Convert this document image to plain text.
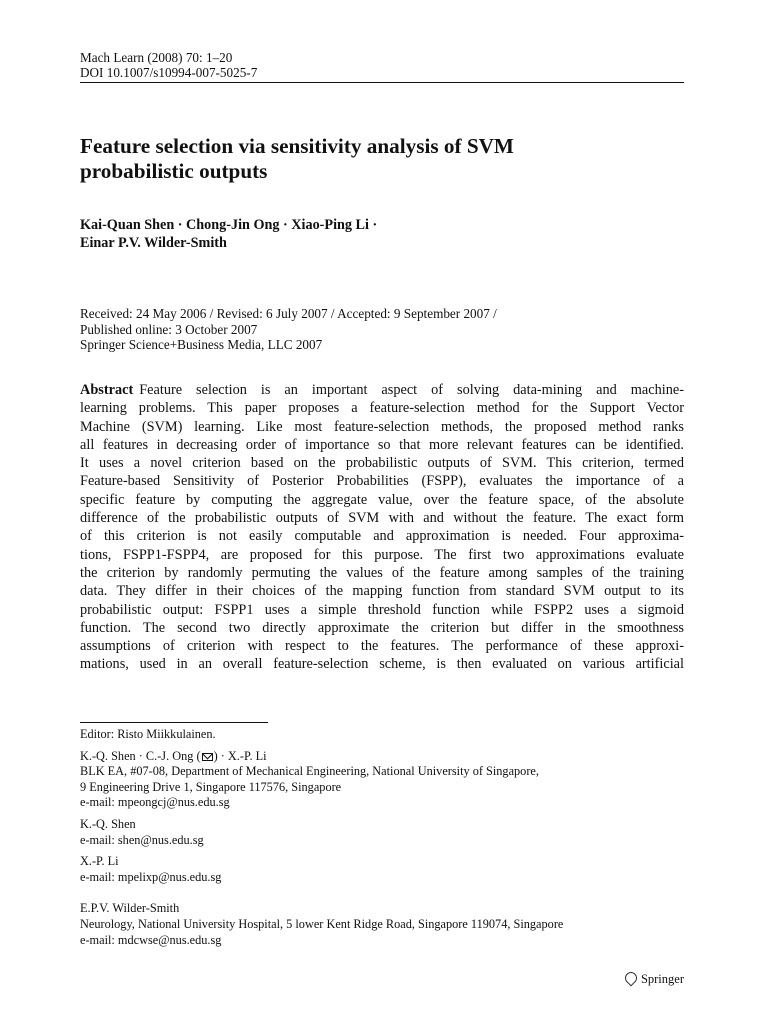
Mach Learn (2008) 70: 1–20
DOI 10.1007/s10994-007-5025-7
Feature selection via sensitivity analysis of SVM
probabilistic outputs
Kai-Quan Shen · Chong-Jin Ong · Xiao-Ping Li ·
Einar P.V. Wilder-Smith
Received: 24 May 2006 / Revised: 6 July 2007 / Accepted: 9 September 2007 /
Published online: 3 October 2007
Springer Science+Business Media, LLC 2007
Abstract Feature selection is an important aspect of solving data-mining and machine-
learning problems. This paper proposes a feature-selection method for the Support Vector
Machine (SVM) learning. Like most feature-selection methods, the proposed method ranks
all features in decreasing order of importance so that more relevant features can be identified.
It uses a novel criterion based on the probabilistic outputs of SVM. This criterion, termed
Feature-based Sensitivity of Posterior Probabilities (FSPP), evaluates the importance of a
specific feature by computing the aggregate value, over the feature space, of the absolute
difference of the probabilistic outputs of SVM with and without the feature. The exact form
of this criterion is not easily computable and approximation is needed. Four approxima-
tions, FSPP1-FSPP4, are proposed for this purpose. The first two approximations evaluate
the criterion by randomly permuting the values of the feature among samples of the training
data. They differ in their choices of the mapping function from standard SVM output to its
probabilistic output: FSPP1 uses a simple threshold function while FSPP2 uses a sigmoid
function. The second two directly approximate the criterion but differ in the smoothness
assumptions of criterion with respect to the features. The performance of these approxi-
mations, used in an overall feature-selection scheme, is then evaluated on various artificial
Editor: Risto Miikkulainen.
K.-Q. Shen · C.-J. Ong ( ) · X.-P. Li
BLK EA, #07-08, Department of Mechanical Engineering, National University of Singapore,
9 Engineering Drive 1, Singapore 117576, Singapore
e-mail: mpeongcj@nus.edu.sg
K.-Q. Shen
e-mail: shen@nus.edu.sg
X.-P. Li
e-mail: mpelixp@nus.edu.sg
E.P.V. Wilder-Smith
Neurology, National University Hospital, 5 lower Kent Ridge Road, Singapore 119074, Singapore
e-mail: mdcwse@nus.edu.sg
Springer
